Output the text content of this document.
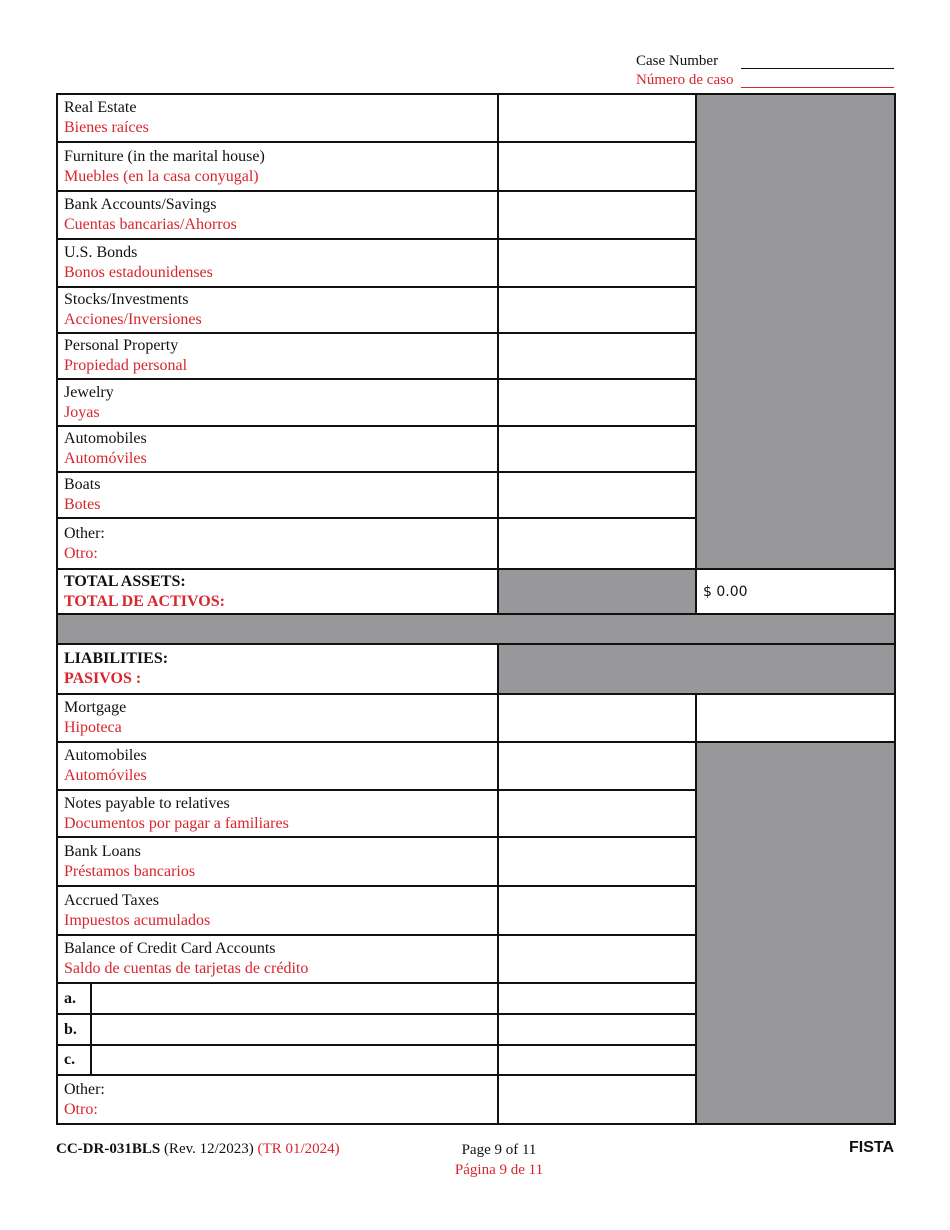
Case Number
Número de caso
Real Estate
Bienes raíces			
Furniture (in the marital house)
Muebles (en la casa conyugal)			
Bank Accounts/Savings
Cuentas bancarias/Ahorros			
U.S. Bonds
Bonos estadounidenses			
Stocks/Investments
Acciones/Inversiones			
Personal Property
Propiedad personal			
Jewelry
Joyas			
Automobiles
Automóviles			
Boats
Botes			
Other:
Otro:			
TOTAL ASSETS:
TOTAL DE ACTIVOS:			$ 0.00

LIABILITIES:
PASIVOS :			
Mortgage
Hipoteca			
Automobiles
Automóviles			
Notes payable to relatives
Documentos por pagar a familiares			
Bank Loans
Préstamos bancarios			
Accrued Taxes
Impuestos acumulados			
Balance of Credit Card Accounts
Saldo de cuentas de tarjetas de crédito			
a.			
b.			
c.			
Other:
Otro:			
CC-DR-031BLS (Rev. 12/2023) (TR 01/2024)	Page 9 of 11
Página 9 de 11
FISTA
